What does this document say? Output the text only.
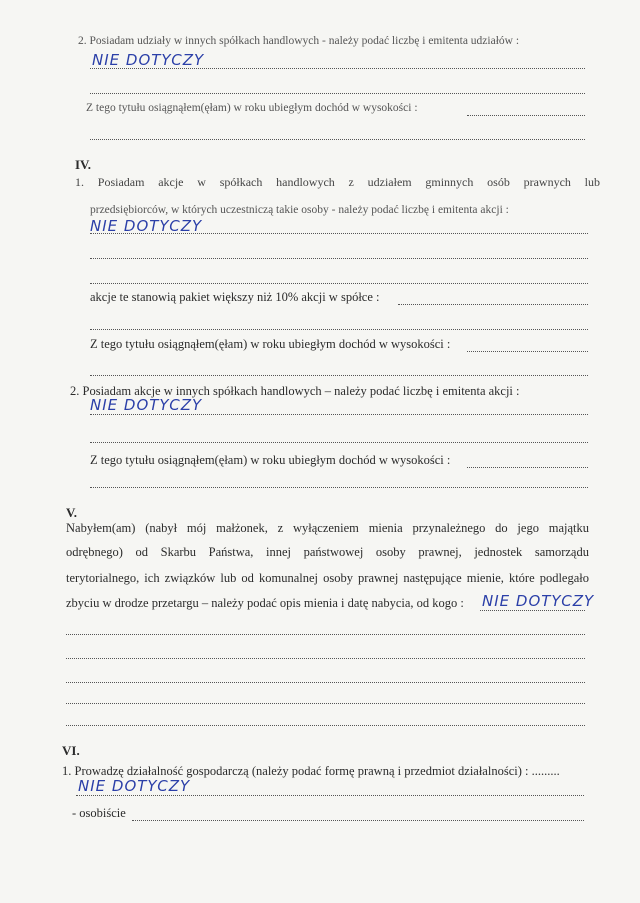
2. Posiadam udziały w innych spółkach handlowych - należy podać liczbę i emitenta udziałów :
NIE DOTYCZY
Z tego tytułu osiągnąłem(ęłam) w roku ubiegłym dochód w wysokości :
IV.
1. Posiadam akcje w spółkach handlowych z udziałem gminnych osób prawnych lub
przedsiębiorców, w których uczestniczą takie osoby - należy podać liczbę i emitenta akcji :
NIE DOTYCZY
akcje te stanowią pakiet większy niż 10% akcji w spółce :
Z tego tytułu osiągnąłem(ęłam) w roku ubiegłym dochód w wysokości :
2. Posiadam akcje w innych spółkach handlowych – należy podać liczbę i emitenta akcji :
NIE DOTYCZY
Z tego tytułu osiągnąłem(ęłam) w roku ubiegłym dochód w wysokości :
V.
Nabyłem(am) (nabył mój małżonek, z wyłączeniem mienia przynależnego do jego majątku
odrębnego) od Skarbu Państwa, innej państwowej osoby prawnej, jednostek samorządu
terytorialnego, ich związków lub od komunalnej osoby prawnej następujące mienie, które podlegało
zbyciu w drodze przetargu – należy podać opis mienia i datę nabycia, od kogo : NIE DOTYCZY
VI.
1. Prowadzę działalność gospodarczą (należy podać formę prawną i przedmiot działalności) : .........
NIE DOTYCZY
- osobiście
